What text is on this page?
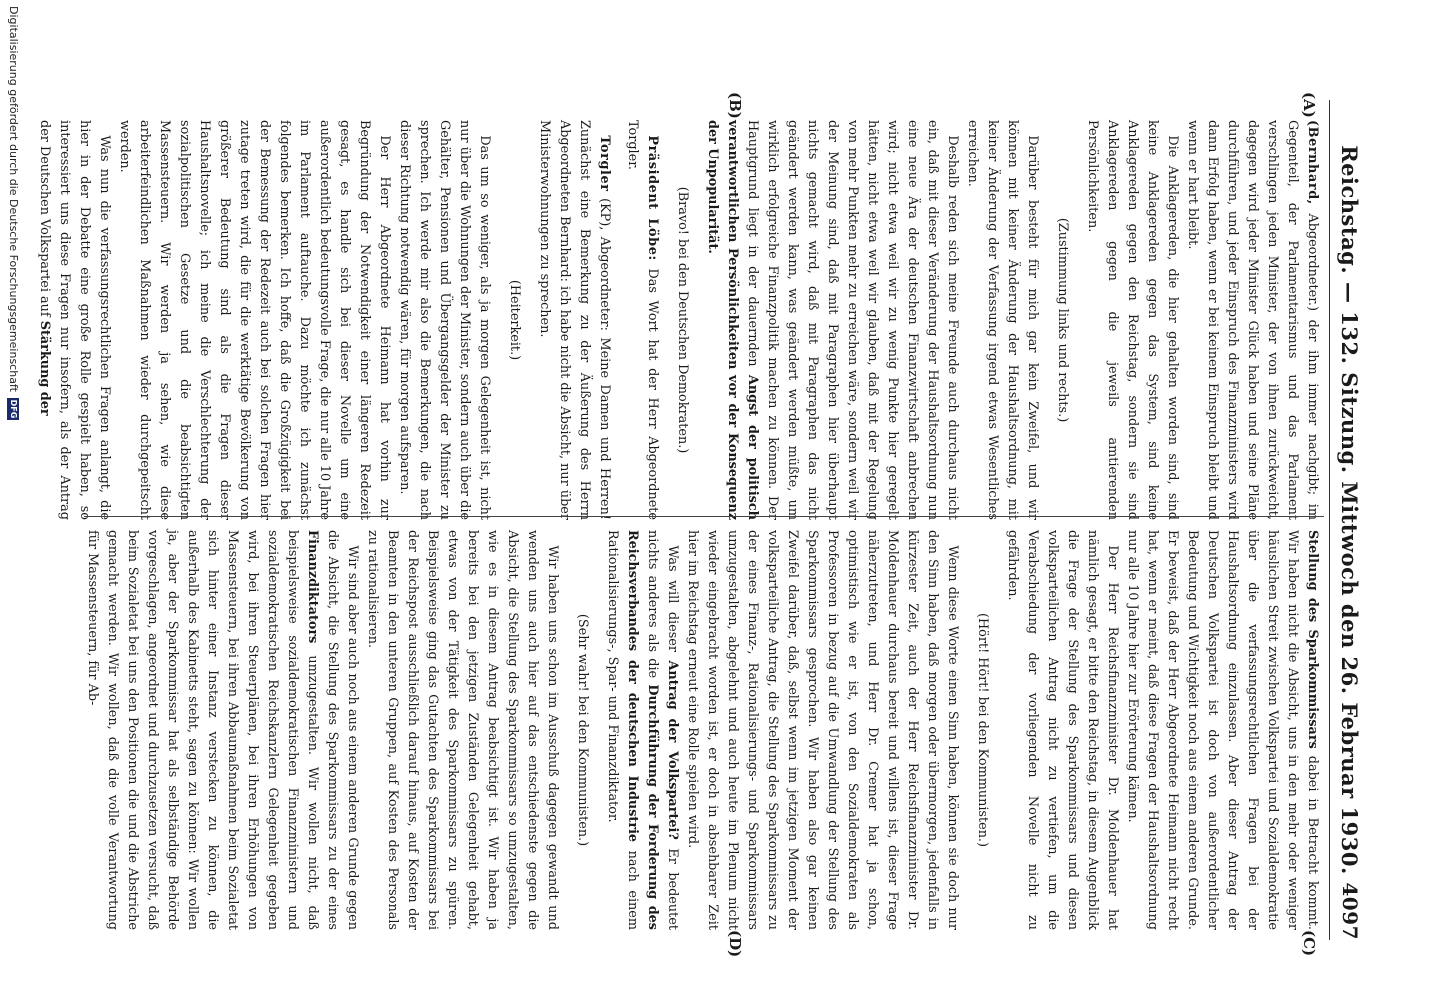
Reichstag. — 132. Sitzung. Mittwoch den 26. Februar 1930.
4097
(A)
(B)
(C)
(D)

(Bernhard, Abgeordneter.) der ihm immer nachgibt; im Gegenteil, der Parlamentarismus und das Parlament verschlingen jeden Minister, der von ihnen zurückweicht, dagegen wird jeder Minister Glück haben und seine Pläne durchführen, und jeder Einspruch des Finanzministers wird dann Erfolg haben, wenn er bei keinem Einspruch bleibt und wenn er hart bleibt.

Die Anklagereden, die hier gehalten worden sind, sind keine Anklagereden gegen das System, sind keine Anklagereden gegen den Reichstag, sondern sie sind Anklagereden gegen die jeweils amtierenden Persönlichkeiten.

(Zustimmung links und rechts.)

Darüber besteht für mich gar kein Zweifel, und wir können mit keiner Änderung der Haushaltsordnung, mit keiner Änderung der Verfassung irgend etwas Wesentliches erreichen.

Deshalb reden sich meine Freunde auch durchaus nicht ein, daß mit dieser Veränderung der Haushaltsordnung nun eine neue Ära der deutschen Finanzwirtschaft anbrechen wird; nicht etwa weil wir zu wenig Punkte hier geregelt hätten, nicht etwa weil wir glauben, daß mit der Regelung von mehr Punkten mehr zu erreichen wäre, sondern weil wir der Meinung sind, daß mit Paragraphen hier überhaupt nichts gemacht wird, daß mit Paragraphen das nicht geändert werden kann, was geändert werden müßte, um wirklich erfolgreiche Finanzpolitik machen zu können. Der Hauptgrund liegt in der dauernden Angst der politisch verantwortlichen Persönlichkeiten vor der Konsequenz der Unpopularität.

(Bravo! bei den Deutschen Demokraten.)

Präsident Löbe: Das Wort hat der Herr Abgeordnete Torgler.

Torgler (KP), Abgeordneter: Meine Damen und Herren! Zunächst eine Bemerkung zu der Äußerung des Herrn Abgeordneten Bernhard: ich habe nicht die Absicht, nur über Ministerwohnungen zu sprechen.

(Heiterkeit.)

Das um so weniger, als ja morgen Gelegenheit ist, nicht nur über die Wohnungen der Minister, sondern auch über die Gehälter, Pensionen und Übergangsgelder der Minister zu sprechen. Ich werde mir also die Bemerkungen, die nach dieser Richtung notwendig wären, für morgen aufsparen.

Der Herr Abgeordnete Heimann hat vorhin zur Begründung der Notwendigkeit einer längeren Redezeit gesagt, es handle sich bei dieser Novelle um eine außerordentlich bedeutungsvolle Frage, die nur alle 10 Jahre im Parlament auftauche. Dazu möchte ich zunächst folgendes bemerken. Ich hoffe, daß die Großzügigkeit bei der Bemessung der Redezeit auch bei solchen Fragen hier zutage treten wird, die für die werktätige Bevölkerung von größerer Bedeutung sind als die Fragen dieser Haushaltsnovelle; ich meine die Verschlechterung der sozialpolitischen Gesetze und die beabsichtigten Massensteuern. Wir werden ja sehen, wie diese arbeiterfeindlichen Maßnahmen wieder durchgepeitscht werden.

Was nun die verfassungsrechtlichen Fragen anlangt, die hier in der Debatte eine große Rolle gespielt haben, so interessiert uns diese Fragen nur insofern, als der Antrag der Deutschen Volkspartei auf Stärkung der

Stellung des Sparkommissars dabei in Betracht kommt. Wir haben nicht die Absicht, uns in den mehr oder weniger häuslichen Streit zwischen Volkspartei und Sozialdemokratie über die verfassungsrechtlichen Fragen bei der Haushaltsordnung einzulassen. Aber dieser Antrag der Deutschen Volkspartei ist doch von außerordentlicher Bedeutung und Wichtigkeit noch aus einem anderen Grunde. Er beweist, daß der Herr Abgeordnete Heimann nicht recht hat, wenn er meint, daß diese Fragen der Haushaltsordnung nur alle 10 Jahre hier zur Erörterung kämen.

Der Herr Reichsfinanzminister Dr. Moldenhauer hat nämlich gesagt, er bitte den Reichstag, in diesem Augenblick die Frage der Stellung des Sparkommissars und diesen volksparteilichen Antrag nicht zu vertiefen, um die Verabschiedung der vorliegenden Novelle nicht zu gefährden.

(Hört! Hört! bei den Kommunisten.)

Wenn diese Worte einen Sinn haben, können sie doch nur den Sinn haben, daß morgen oder übermorgen, jedenfalls in kürzester Zeit, auch der Herr Reichsfinanzminister Dr. Moldenhauer durchaus bereit und willens ist, dieser Frage näherzutreten, und Herr Dr. Cremer hat ja schon, optimistisch wie er ist, von den Sozialdemokraten als Professoren in bezug auf die Umwandlung der Stellung des Sparkommissars gesprochen. Wir haben also gar keinen Zweifel darüber, daß, selbst wenn im jetzigen Moment der volksparteiliche Antrag, die Stellung des Sparkommissars zu der eines Finanz-, Rationalisierungs- und Sparkommissars umzugestalten, abgelehnt und auch heute im Plenum nicht wieder eingebracht worden ist, er doch in absehbarer Zeit hier im Reichstag erneut eine Rolle spielen wird.

Was will dieser Antrag der Volkspartei? Er bedeutet nichts anderes als die Durchführung der Forderung des Reichsverbandes der deutschen Industrie nach einem Rationalisierungs-, Spar- und Finanzdiktator.

(Sehr wahr! bei den Kommunisten.)

Wir haben uns schon im Ausschuß dagegen gewandt und wenden uns auch hier auf das entschiedenste gegen die Absicht, die Stellung des Sparkommissars so umzugestalten, wie es in diesem Antrag beabsichtigt ist. Wir haben ja bereits bei den jetzigen Zuständen Gelegenheit gehabt, etwas von der Tätigkeit des Sparkommissars zu spüren. Beispielsweise ging das Gutachten des Sparkommissars bei der Reichspost ausschließlich darauf hinaus, auf Kosten der Beamten in den unteren Gruppen, auf Kosten des Personals zu rationalisieren.

Wir sind aber auch noch aus einem anderen Grunde gegen die Absicht, die Stellung des Sparkommissars zu der eines Finanzdiktators umzugestalten. Wir wollen nicht, daß beispielsweise sozialdemokratischen Finanzministern und sozialdemokratischen Reichskanzlern Gelegenheit gegeben wird, bei ihren Steuerplänen, bei ihren Erhöhungen von Massensteuern, bei ihren Abbaumaßnahmen beim Sozialetat sich hinter einer Instanz verstecken zu können, die außerhalb des Kabinetts steht, sagen zu können: Wir wollen ja, aber der Sparkommissar hat als selbständige Behörde vorgeschlagen, angeordnet und durchzusetzen versucht, daß beim Sozialetat bei uns den Positionen die und die Abstriche gemacht werden. Wir wollen, daß die volle Verantwortung für Massensteuern, für Ab-

Digitalisierung gefördert durch die Deutsche Forschungsgemeinschaft
DFG
